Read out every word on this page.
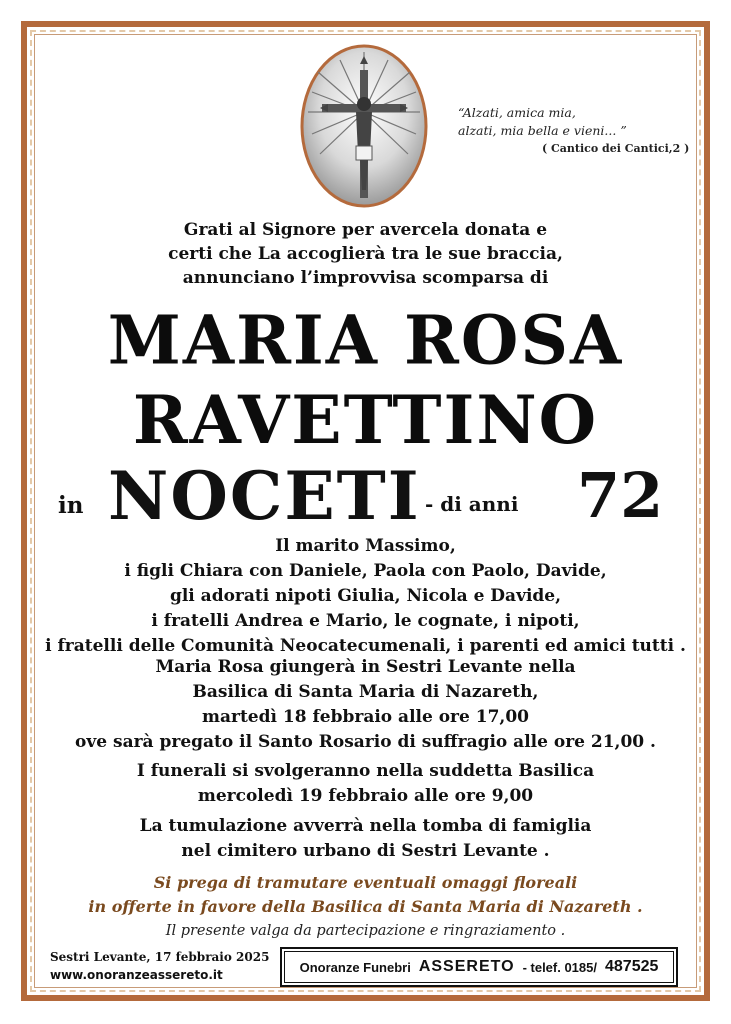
“Alzati, amica mia,
alzati, mia bella e vieni... ”
( Cantico dei Cantici,2 )
Grati al Signore per avercela donata e
certi che La accoglierà tra le sue braccia,
annunciano l’improvvisa scomparsa di
MARIA ROSA
RAVETTINO
in NOCETI - di anni 72
Il marito Massimo,
i figli Chiara con Daniele, Paola con Paolo, Davide,
gli adorati nipoti Giulia, Nicola e Davide,
i fratelli Andrea e Mario, le cognate, i nipoti,
i fratelli delle Comunità Neocatecumenali, i parenti ed amici tutti .
Maria Rosa giungerà in Sestri Levante nella
Basilica di Santa Maria di Nazareth,
martedì 18 febbraio alle ore 17,00
ove sarà pregato il Santo Rosario di suffragio alle ore 21,00 .
I funerali si svolgeranno nella suddetta Basilica
mercoledì 19 febbraio alle ore 9,00
La tumulazione avverrà nella tomba di famiglia
nel cimitero urbano di Sestri Levante .
Si prega di tramutare eventuali omaggi floreali
in offerte in favore della Basilica di Santa Maria di Nazareth .
Il presente valga da partecipazione e ringraziamento .
Sestri Levante, 17 febbraio 2025
www.onoranzeassereto.it
Onoranze Funebri ASSERETO - telef. 0185/ 487525
